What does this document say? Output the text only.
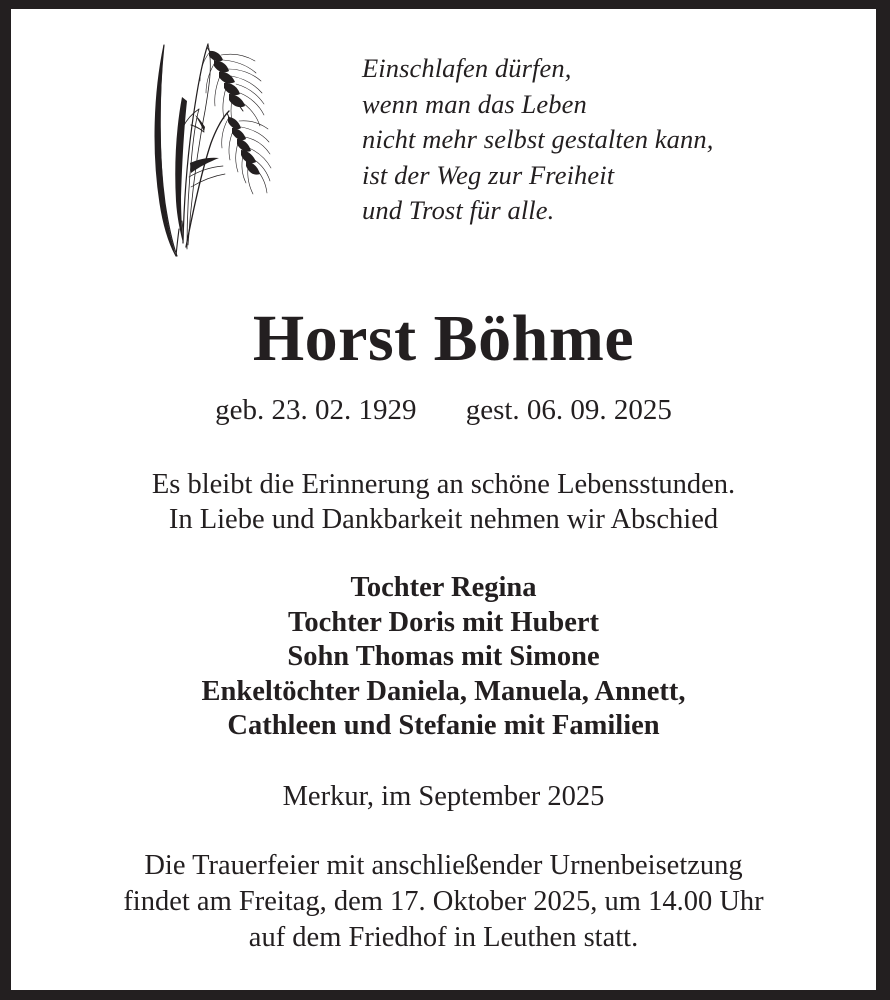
Einschlafen dürfen,
wenn man das Leben
nicht mehr selbst gestalten kann,
ist der Weg zur Freiheit
und Trost für alle.
Horst Böhme
geb. 23. 02. 1929 gest. 06. 09. 2025
Es bleibt die Erinnerung an schöne Lebensstunden.
In Liebe und Dankbarkeit nehmen wir Abschied
Tochter Regina
Tochter Doris mit Hubert
Sohn Thomas mit Simone
Enkeltöchter Daniela, Manuela, Annett,
Cathleen und Stefanie mit Familien
Merkur, im September 2025
Die Trauerfeier mit anschließender Urnenbeisetzung
findet am Freitag, dem 17. Oktober 2025, um 14.00 Uhr
auf dem Friedhof in Leuthen statt.
